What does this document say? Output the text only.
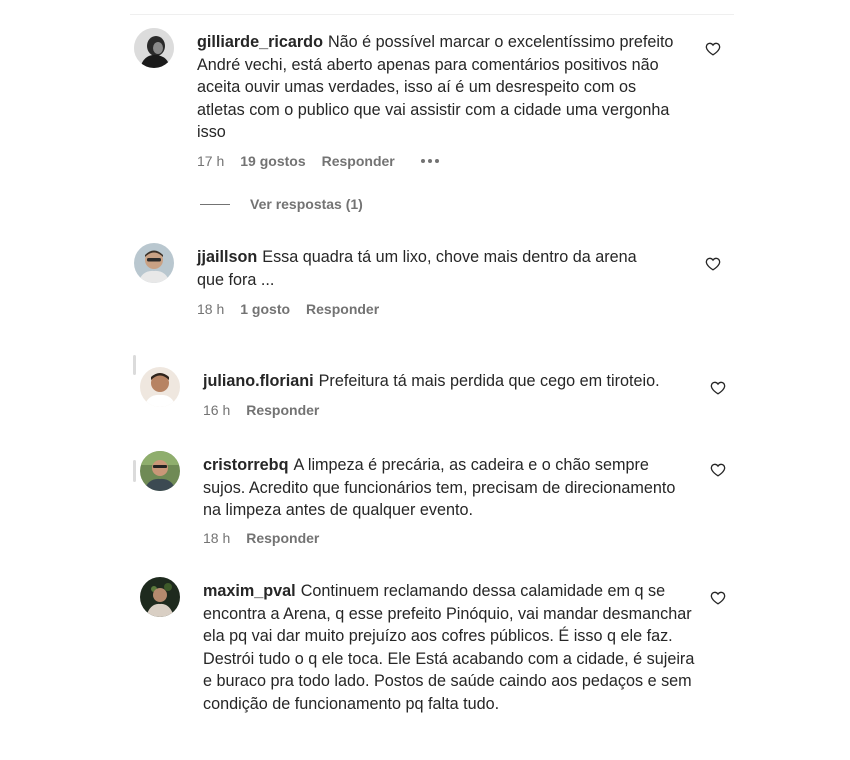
gilliarde_ricardo Não é possível marcar o excelentíssimo prefeito André vechi, está aberto apenas para comentários positivos não aceita ouvir umas verdades, isso aí é um desrespeito com os atletas com o publico que vai assistir com a cidade uma vergonha isso
17 h 19 gostos Responder
Ver respostas (1)
jjaillson Essa quadra tá um lixo, chove mais dentro da arena que fora ...
18 h 1 gosto Responder
juliano.floriani Prefeitura tá mais perdida que cego em tiroteio.
16 h Responder
cristorrebq A limpeza é precária, as cadeira e o chão sempre sujos. Acredito que funcionários tem, precisam de direcionamento na limpeza antes de qualquer evento.
18 h Responder
maxim_pval Continuem reclamando dessa calamidade em q se encontra a Arena, q esse prefeito Pinóquio, vai mandar desmanchar ela pq vai dar muito prejuízo aos cofres públicos. É isso q ele faz. Destrói tudo o q ele toca. Ele Está acabando com a cidade, é sujeira e buraco pra todo lado. Postos de saúde caindo aos pedaços e sem condição de funcionamento pq falta tudo.
